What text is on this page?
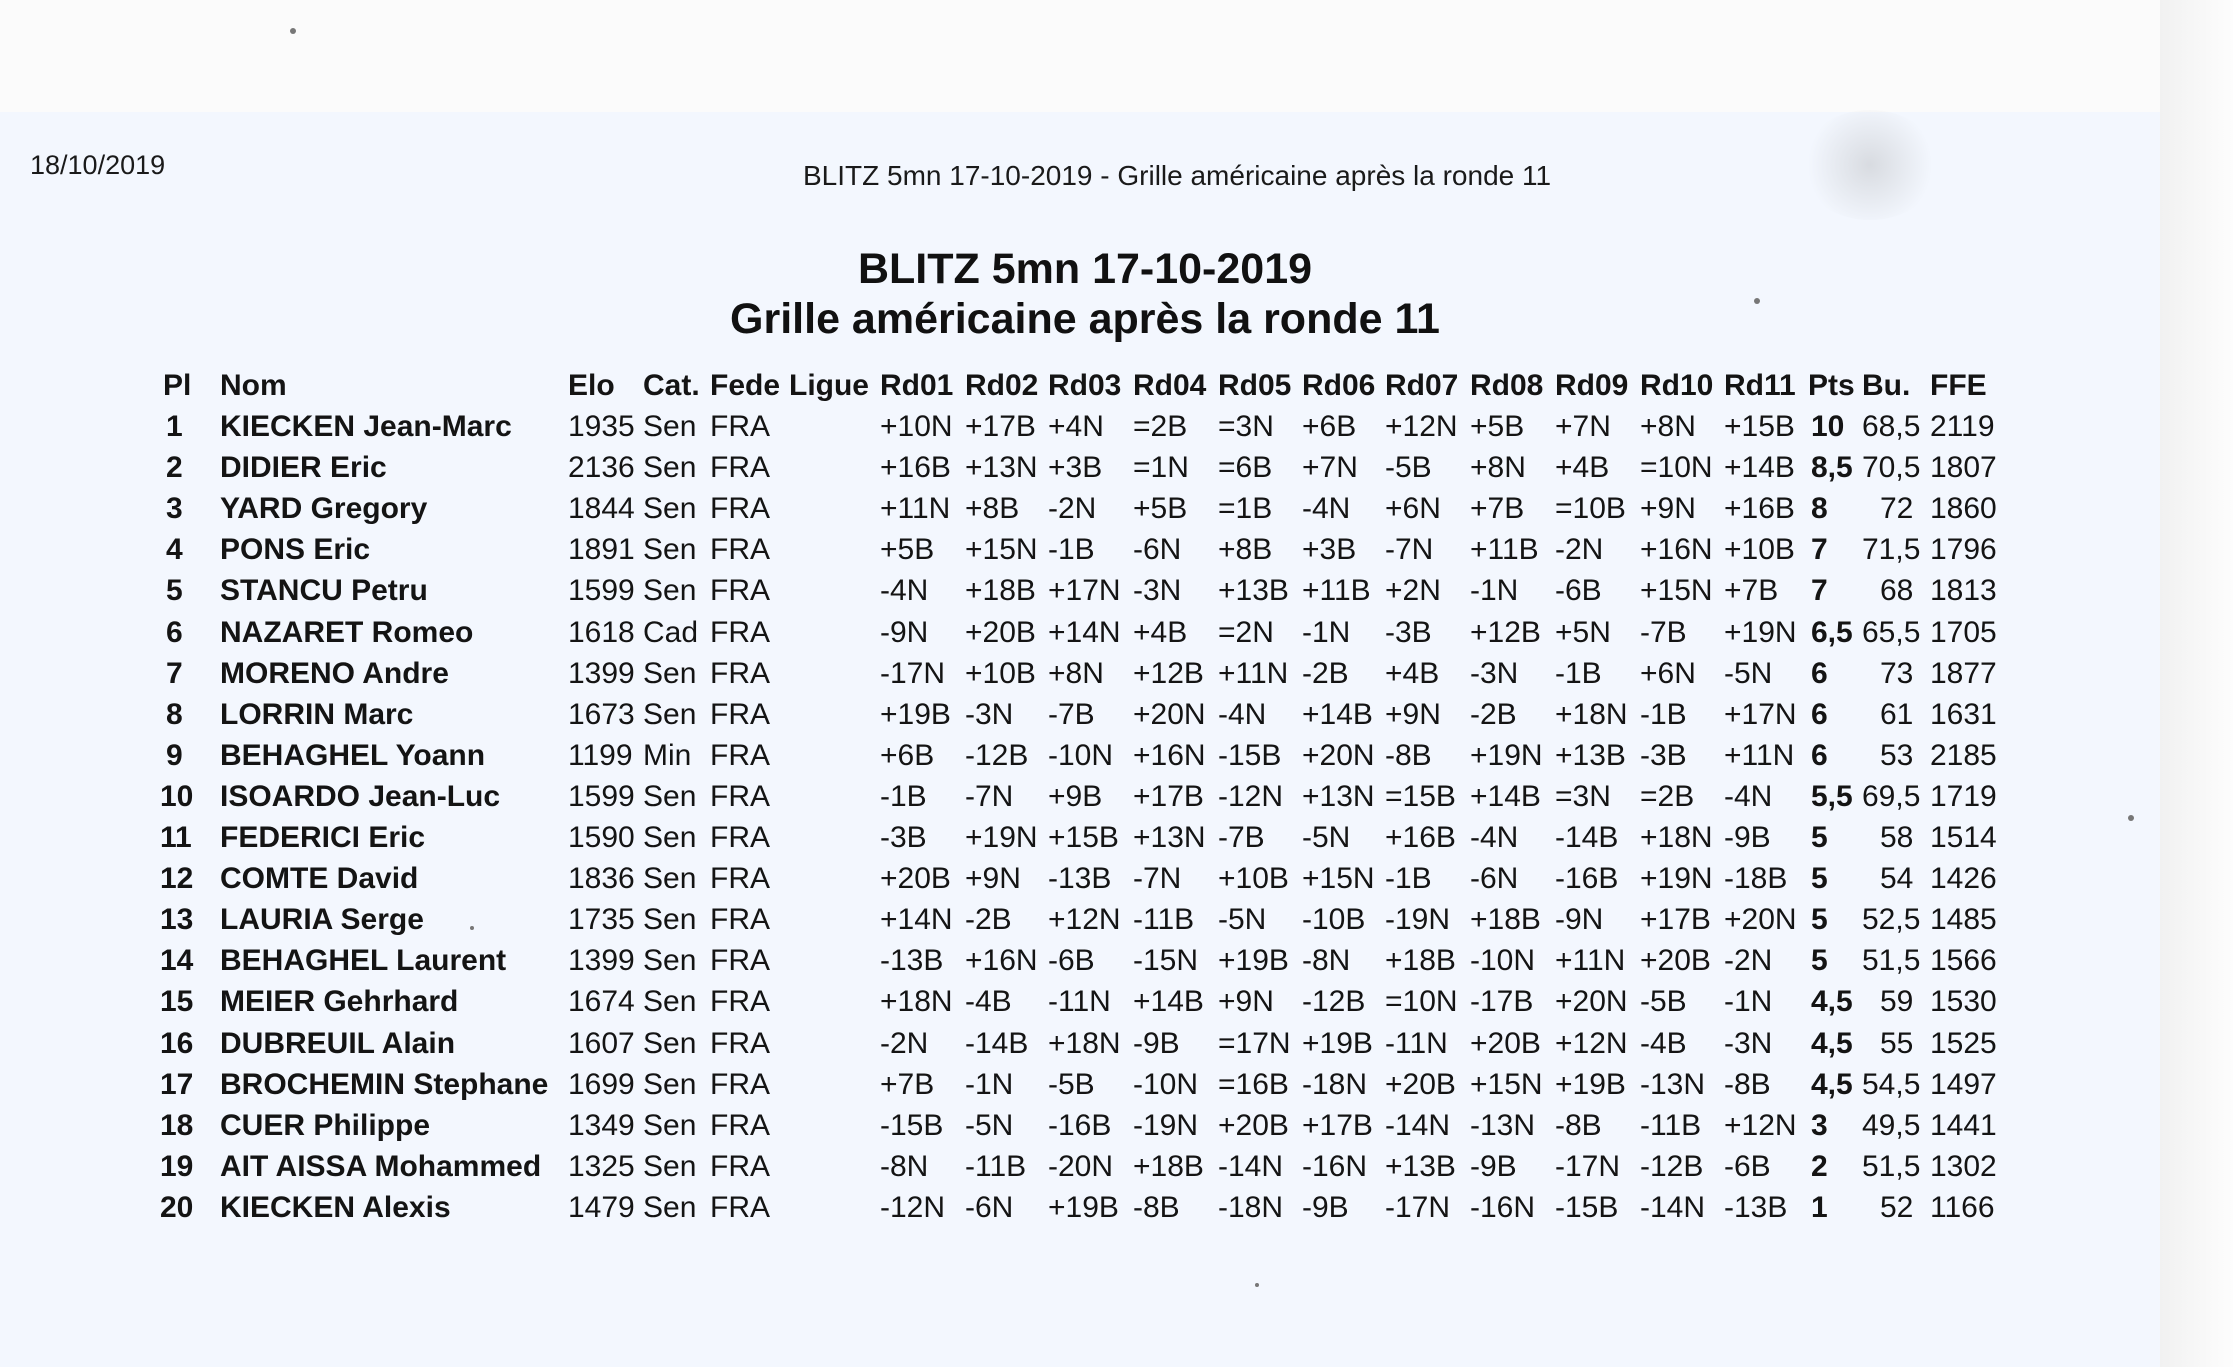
18/10/2019	BLITZ 5mn 17-10-2019 - Grille américaine après la ronde 11
BLITZ 5mn 17-10-2019
Grille américaine après la ronde 11
Pl Nom	Elo Cat. Fede Ligue Rd01 Rd02 Rd03 Rd04 Rd05 Rd06 Rd07 Rd08 Rd09 Rd10 Rd11 Pts Bu. FFE
1 KIECKEN Jean-Marc 1935 Sen FRA	+10N +17B +4N =2B =3N +6B +12N +5B +7N +8N +15B 10 68,5 2119
2 DIDIER Eric	2136 Sen FRA	+16B +13N +3B =1N =6B +7N -5B +8N +4B =10N +14B 8,5 70,5 1807
3 YARD Gregory	1844 Sen FRA	+11N +8B -2N +5B =1B -4N +6N +7B =10B +9N +16B 8 72 1860
4 PONS Eric	1891 Sen FRA	+5B +15N -1B -6N +8B +3B -7N +11B -2N +16N +10B 7 71,5 1796
5 STANCU Petru	1599 Sen FRA	-4N +18B +17N -3N +13B +11B +2N -1N -6B +15N +7B 7 68 1813
6 NAZARET Romeo	1618 Cad FRA	-9N +20B +14N +4B =2N -1N -3B +12B +5N -7B +19N 6,5 65,5 1705
7 MORENO Andre	1399 Sen FRA	-17N +10B +8N +12B +11N -2B +4B -3N -1B +6N -5N 6 73 1877
8 LORRIN Marc	1673 Sen FRA	+19B -3N -7B +20N -4N +14B +9N -2B +18N -1B +17N 6 61 1631
9 BEHAGHEL Yoann	1199 Min FRA	+6B -12B -10N +16N -15B +20N -8B +19N +13B -3B +11N 6 53 2185
10 ISOARDO Jean-Luc 1599 Sen FRA	-1B -7N +9B +17B -12N +13N =15B +14B =3N =2B -4N 5,5 69,5 1719
11 FEDERICI Eric	1590 Sen FRA	-3B +19N +15B +13N -7B -5N +16B -4N -14B +18N -9B 5 58 1514
12 COMTE David	1836 Sen FRA	+20B +9N -13B -7N +10B +15N -1B -6N -16B +19N -18B 5 54 1426
13 LAURIA Serge	1735 Sen FRA	+14N -2B +12N -11B -5N -10B -19N +18B -9N +17B +20N 5 52,5 1485
14 BEHAGHEL Laurent 1399 Sen FRA	-13B +16N -6B -15N +19B -8N +18B -10N +11N +20B -2N 5 51,5 1566
15 MEIER Gehrhard	1674 Sen FRA	+18N -4B -11N +14B +9N -12B =10N -17B +20N -5B -1N 4,5 59 1530
16 DUBREUIL Alain	1607 Sen FRA	-2N -14B +18N -9B =17N +19B -11N +20B +12N -4B -3N 4,5 55 1525
17 BROCHEMIN Stephane 1699 Sen FRA	+7B -1N -5B -10N =16B -18N +20B +15N +19B -13N -8B 4,5 54,5 1497
18 CUER Philippe	1349 Sen FRA	-15B -5N -16B -19N +20B +17B -14N -13N -8B -11B +12N 3 49,5 1441
19 AIT AISSA Mohammed 1325 Sen FRA	-8N -11B -20N +18B -14N -16N +13B -9B -17N -12B -6B 2 51,5 1302
20 KIECKEN Alexis	1479 Sen FRA	-12N -6N +19B -8B -18N -9B -17N -16N -15B -14N -13B 1 52 1166
